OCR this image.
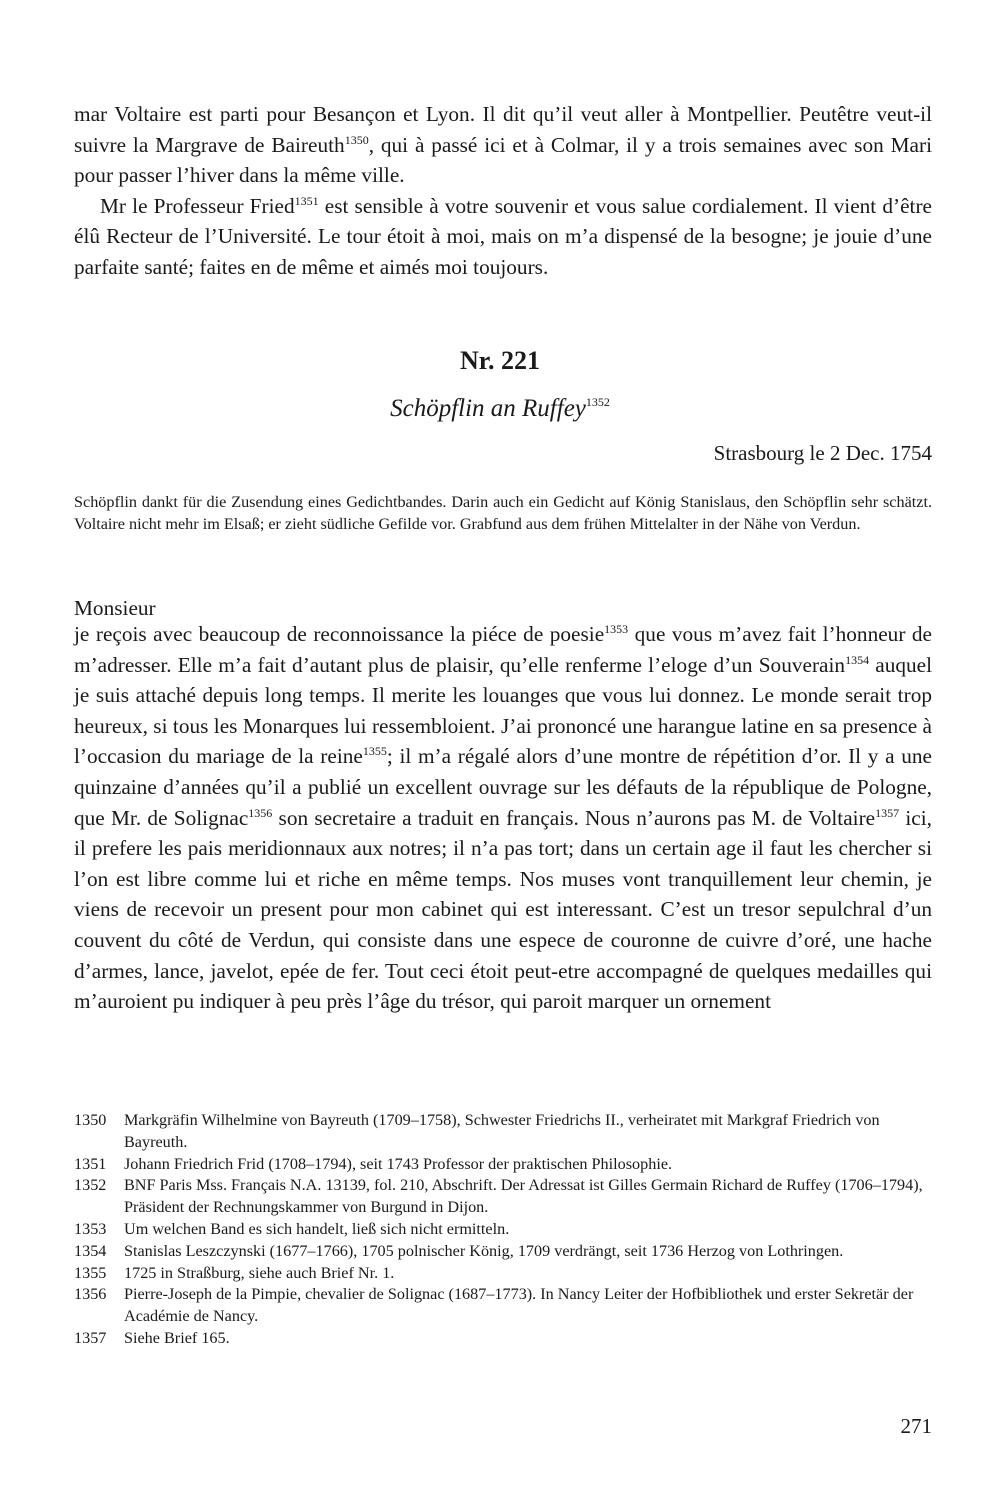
mar Voltaire est parti pour Besançon et Lyon. Il dit qu’il veut aller à Montpellier. Peutêtre veut-il suivre la Margrave de Baireuth$^{1350}$, qui à passé ici et à Colmar, il y a trois semaines avec son Mari pour passer l’hiver dans la même ville.

Mr le Professeur Fried$^{1351}$ est sensible à votre souvenir et vous salue cordialement. Il vient d’être élû Recteur de l’Université. Le tour étoit à moi, mais on m’a dispensé de la besogne; je jouie d’une parfaite santé; faites en de même et aimés moi toujours.

Nr. 221
Schöpflin an Ruffey$^{1352}$
Strasbourg le 2 Dec. 1754

Schöpflin dankt für die Zusendung eines Gedichtbandes. Darin auch ein Gedicht auf König Stanislaus, den Schöpflin sehr schätzt. Voltaire nicht mehr im Elsaß; er zieht südliche Gefilde vor. Grabfund aus dem frühen Mittelalter in der Nähe von Verdun.

Monsieur

je reçois avec beaucoup de reconnoissance la piéce de poesie$^{1353}$ que vous m’avez fait l’honneur de m’adresser. Elle m’a fait d’autant plus de plaisir, qu’elle renferme l’eloge d’un Souverain$^{1354}$ auquel je suis attaché depuis long temps. Il merite les louanges que vous lui donnez. Le monde serait trop heureux, si tous les Monarques lui ressembloient. J’ai prononcé une harangue latine en sa presence à l’occasion du mariage de la reine$^{1355}$; il m’a régalé alors d’une montre de répétition d’or. Il y a une quinzaine d’années qu’il a publié un excellent ouvrage sur les défauts de la république de Pologne, que Mr. de Solignac$^{1356}$ son secretaire a traduit en français. Nous n’aurons pas M. de Voltaire$^{1357}$ ici, il prefere les pais meridionnaux aux notres; il n’a pas tort; dans un certain age il faut les chercher si l’on est libre comme lui et riche en même temps. Nos muses vont tranquillement leur chemin, je viens de recevoir un present pour mon cabinet qui est interessant. C’est un tresor sepulchral d’un couvent du côté de Verdun, qui consiste dans une espece de couronne de cuivre d’oré, une hache d’armes, lance, javelot, epée de fer. Tout ceci étoit peut-etre accompagné de quelques medailles qui m’auroient pu indiquer à peu près l’âge du trésor, qui paroit marquer un ornement

1350	Markgräfin Wilhelmine von Bayreuth (1709–1758), Schwester Friedrichs II., verheiratet mit Markgraf Friedrich von Bayreuth.
1351	Johann Friedrich Frid (1708–1794), seit 1743 Professor der praktischen Philosophie.
1352	BNF Paris Mss. Français N.A. 13139, fol. 210, Abschrift. Der Adressat ist Gilles Germain Richard de Ruffey (1706–1794), Präsident der Rechnungskammer von Burgund in Dijon.
1353	Um welchen Band es sich handelt, ließ sich nicht ermitteln.
1354	Stanislas Leszczynski (1677–1766), 1705 polnischer König, 1709 verdrängt, seit 1736 Herzog von Lothringen.
1355	1725 in Straßburg, siehe auch Brief Nr. 1.
1356	Pierre-Joseph de la Pimpie, chevalier de Solignac (1687–1773). In Nancy Leiter der Hofbibliothek und erster Sekretär der Académie de Nancy.
1357	Siehe Brief 165.
271
